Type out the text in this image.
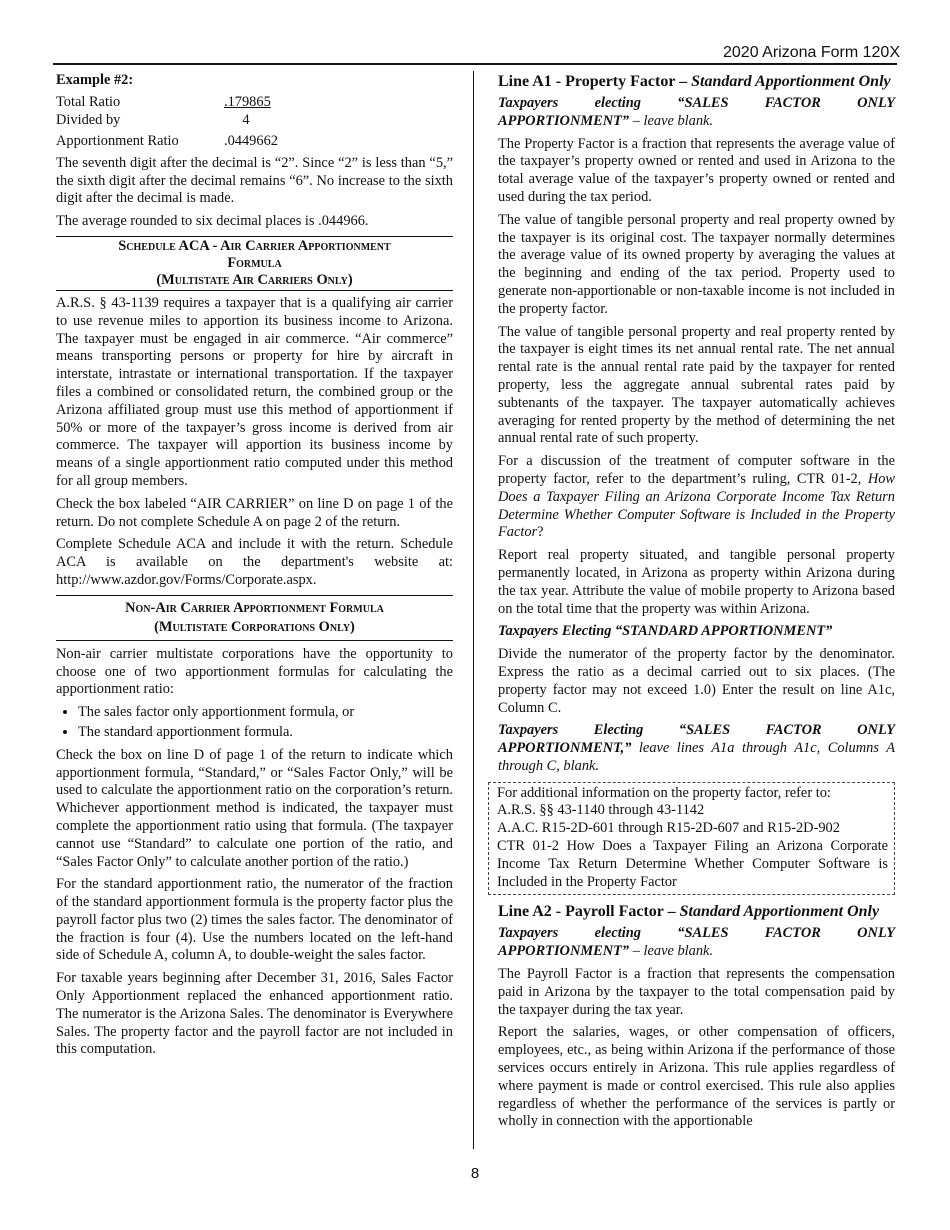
2020 Arizona Form 120X
Example #2:
Total Ratio	.179865
Divided by	4
Apportionment Ratio	.0449662

The seventh digit after the decimal is “2”. Since “2” is less than “5,” the sixth digit after the decimal remains “6”. No increase to the sixth digit after the decimal is made.

The average rounded to six decimal places is .044966.

Schedule ACA - Air Carrier Apportionment
Formula
(Multistate Air Carriers Only)

A.R.S. § 43-1139 requires a taxpayer that is a qualifying air carrier to use revenue miles to apportion its business income to Arizona. The taxpayer must be engaged in air commerce. “Air commerce” means transporting persons or property for hire by aircraft in interstate, intrastate or international transportation. If the taxpayer files a combined or consolidated return, the combined group or the Arizona affiliated group must use this method of apportionment if 50% or more of the taxpayer’s gross income is derived from air commerce. The taxpayer will apportion its business income by means of a single apportionment ratio computed under this method for all group members.

Check the box labeled “AIR CARRIER” on line D on page 1 of the return. Do not complete Schedule A on page 2 of the return.

Complete Schedule ACA and include it with the return. Schedule ACA is available on the department's website at: http://www.azdor.gov/Forms/Corporate.aspx.

Non-Air Carrier Apportionment Formula
(Multistate Corporations Only)

Non-air carrier multistate corporations have the opportunity to choose one of two apportionment formulas for calculating the apportionment ratio:

• The sales factor only apportionment formula, or
• The standard apportionment formula.

Check the box on line D of page 1 of the return to indicate which apportionment formula, “Standard,” or “Sales Factor Only,” will be used to calculate the apportionment ratio on the corporation’s return. Whichever apportionment method is indicated, the taxpayer must complete the apportionment ratio using that formula. (The taxpayer cannot use “Standard” to calculate one portion of the ratio, and “Sales Factor Only” to calculate another portion of the ratio.)

For the standard apportionment ratio, the numerator of the fraction of the standard apportionment formula is the property factor plus the payroll factor plus two (2) times the sales factor. The denominator of the fraction is four (4). Use the numbers located on the left-hand side of Schedule A, column A, to double-weight the sales factor.

For taxable years beginning after December 31, 2016, Sales Factor Only Apportionment replaced the enhanced apportionment ratio. The numerator is the Arizona Sales. The denominator is Everywhere Sales. The property factor and the payroll factor are not included in this computation.

Line A1 - Property Factor – Standard Apportionment Only

Taxpayers electing “SALES FACTOR ONLY

APPORTIONMENT” – leave blank.

The Property Factor is a fraction that represents the average value of the taxpayer’s property owned or rented and used in Arizona to the total average value of the taxpayer’s property owned or rented and used during the tax period.

The value of tangible personal property and real property owned by the taxpayer is its original cost. The taxpayer normally determines the average value of its owned property by averaging the values at the beginning and ending of the tax period. Property used to generate non-apportionable or non-taxable income is not included in the property factor.

The value of tangible personal property and real property rented by the taxpayer is eight times its net annual rental rate. The net annual rental rate is the annual rental rate paid by the taxpayer for rented property, less the aggregate annual subrental rates paid by subtenants of the taxpayer. The taxpayer automatically achieves averaging for rented property by the method of determining the net annual rental rate of such property.

For a discussion of the treatment of computer software in the property factor, refer to the department’s ruling, CTR 01-2, How Does a Taxpayer Filing an Arizona Corporate Income Tax Return Determine Whether Computer Software is Included in the Property Factor?

Report real property situated, and tangible personal property permanently located, in Arizona as property within Arizona during the tax year. Attribute the value of mobile property to Arizona based on the total time that the property was within Arizona.

Taxpayers Electing “STANDARD APPORTIONMENT”

Divide the numerator of the property factor by the denominator. Express the ratio as a decimal carried out to six places. (The property factor may not exceed 1.0) Enter the result on line A1c, Column C.

Taxpayers Electing “SALES FACTOR ONLY

APPORTIONMENT,” leave lines A1a through A1c, Columns A through C, blank.

For additional information on the property factor, refer to:

A.R.S. §§ 43-1140 through 43-1142

A.A.C. R15-2D-601 through R15-2D-607 and R15-2D-902

CTR 01-2 How Does a Taxpayer Filing an Arizona Corporate Income Tax Return Determine Whether Computer Software is Included in the Property Factor

Line A2 - Payroll Factor – Standard Apportionment Only

Taxpayers electing “SALES FACTOR ONLY

APPORTIONMENT” – leave blank.

The Payroll Factor is a fraction that represents the compensation paid in Arizona by the taxpayer to the total compensation paid by the taxpayer during the tax year.

Report the salaries, wages, or other compensation of officers, employees, etc., as being within Arizona if the performance of those services occurs entirely in Arizona. This rule applies regardless of where payment is made or control exercised. This rule also applies regardless of whether the performance of the services is partly or wholly in connection with the apportionable

8
